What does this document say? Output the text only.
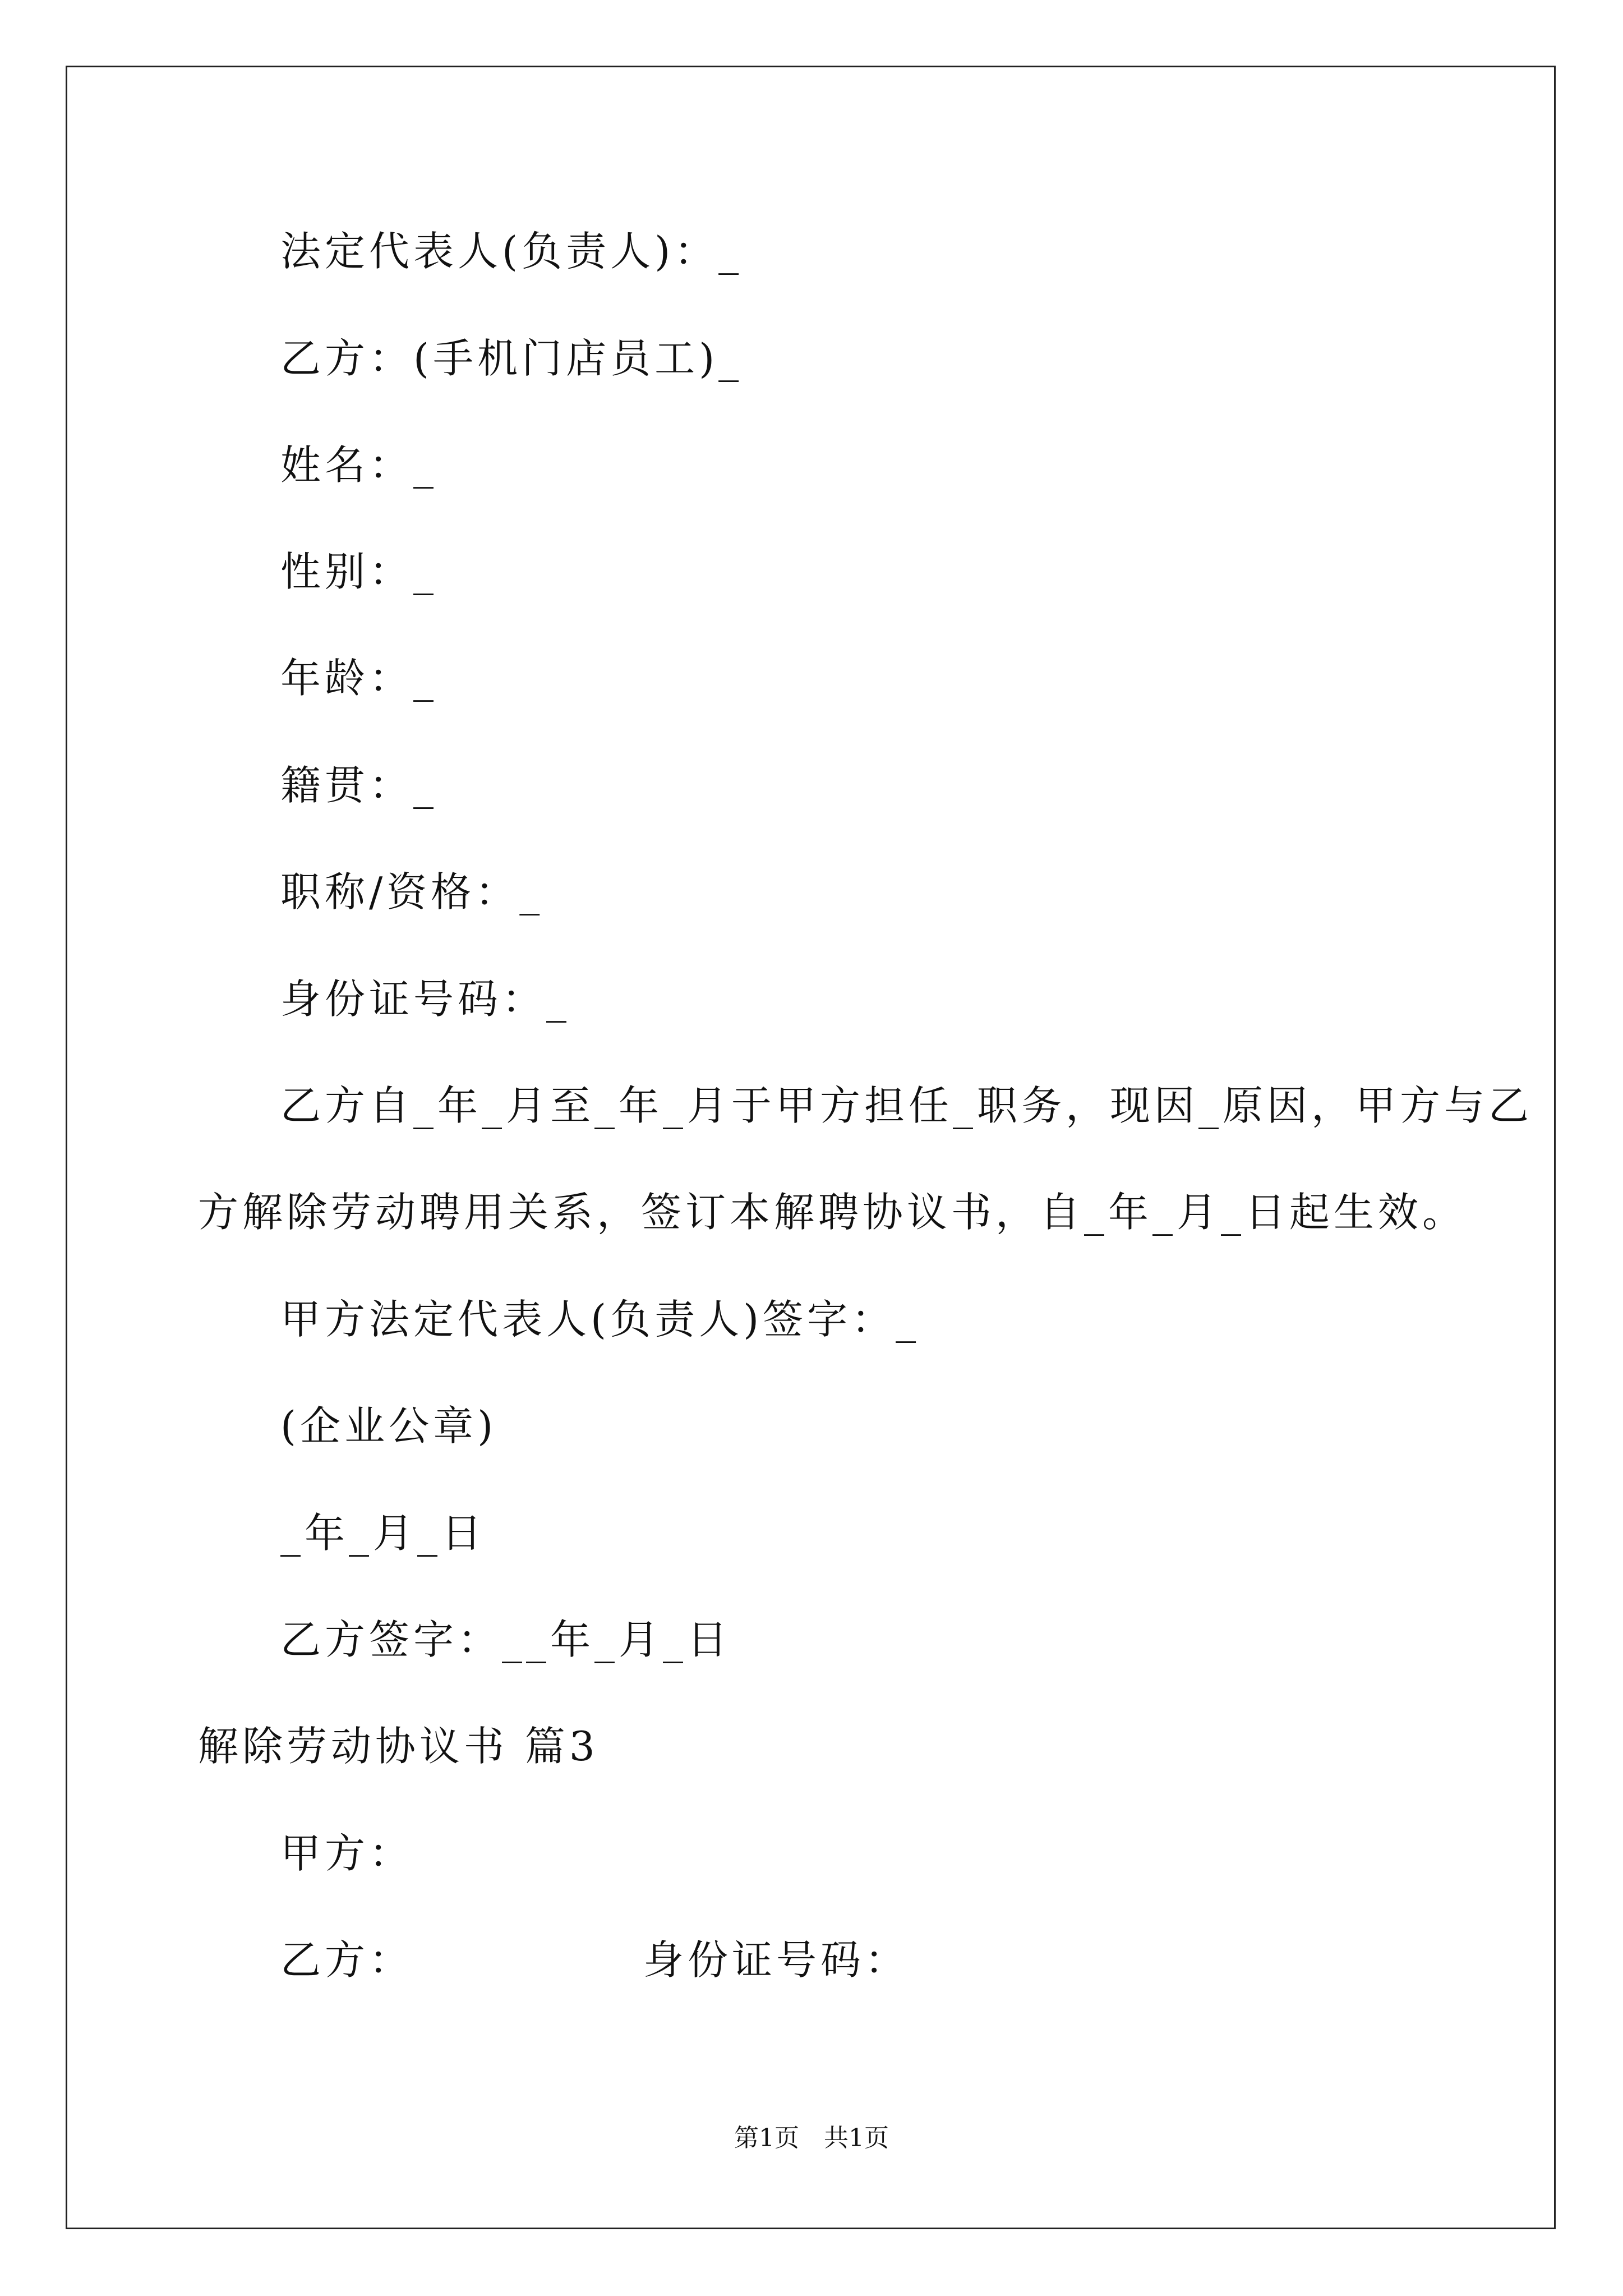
法定代表人(负责人)：_
乙方：(手机门店员工)_
姓名：_
性别：_
年龄：_
籍贯：_
职称/资格：_
身份证号码：_
乙方自_年_月至_年_月于甲方担任_职务，现因_原因，甲方与乙
方解除劳动聘用关系，签订本解聘协议书，自_年_月_日起生效。
甲方法定代表人(负责人)签字：_
(企业公章)
_年_月_日
乙方签字：__年_月_日
解除劳动协议书 篇3
甲方：
乙方：	身份证号码：
第1页　共1页
